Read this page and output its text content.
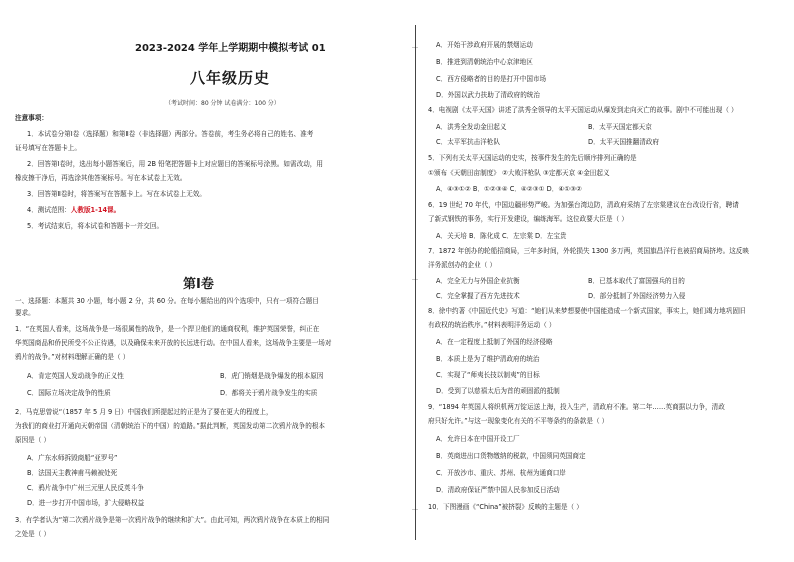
2023-2024 学年上学期期中模拟考试 01
八年级历史
（考试时间：80 分钟 试卷满分：100 分）
注意事项：
1．本试卷分第Ⅰ卷（选择题）和第Ⅱ卷（非选择题）两部分。答卷前，考生务必将自己的姓名、准考
证号填写在答题卡上。
2．回答第Ⅰ卷时，选出每小题答案后，用 2B 铅笔把答题卡上对应题目的答案标号涂黑。如需改动，用
橡皮擦干净后，再选涂其他答案标号。写在本试卷上无效。
3．回答第Ⅱ卷时，将答案写在答题卡上。写在本试卷上无效。
4．测试范围：人教版1-14课。
5．考试结束后，将本试卷和答题卡一并交回。
第Ⅰ卷
一、选择题：本题共 30 小题，每小题 2 分，共 60 分。在每小题给出的四个选项中，只有一项符合题目
要求。
1．“在英国人看来，这场战争是一场很属性的战争，是一个捍卫他们的通商权利，维护英国荣誉，纠正在
华英国商品和侨民所受不公正待遇，以及确保未来开放的长远进行动。在中国人看来，这场战争主要是一场对
鸦片的战争。”对材料理解正确的是（ ）
A．肯定英国人发动战争的正义性	B．虎门销烟是战争爆发的根本原因
C．国际立场决定战争的性质	D．都将关于鸦片战争发生的实质
2．马克思曾说“（1857 年 5 月 9 日）中国我们所提起过的正是为了要在更大的程度上，
为我们的商业打开通向天朝帝国（清朝统治下的中国）的道路。”据此判断，英国发动第二次鸦片战争的根本
原因是（ ）
A．广东水师拆毁商船“亚罗号”
B．法国天主教神甫马赖被处死
C．鸦片战争中广州三元里人民反英斗争
D．进一步打开中国市场，扩大侵略权益
3．有学者认为“第二次鸦片战争是第一次鸦片战争的继续和扩大”。由此可知，两次鸦片战争在本质上的相同
之处是（ ）
…
…
…
A．开始干涉政府开展的禁烟运动
B．推进到清朝统治中心京津地区
C．西方侵略者的目的是打开中国市场
D．外国以武力扶助了清政府的统治
4．电视剧《太平天国》讲述了洪秀全领导的太平天国运动从爆发到走向灭亡的故事。剧中不可能出现（ ）
A．洪秀全发动金田起义	B．太平天国定都天京
C．太平军抗击洋枪队	D．太平天国推翻清政府
5．下列有关太平天国运动的史实，按事件发生的先后顺序排列正确的是
①颁布《天朝田亩制度》 ②大败洋枪队 ③定都天京 ④金田起义
A．④③①② B．①②③④ C．④②③① D．④①③②
6．19 世纪 70 年代，中国边疆形势严峻。为加强台湾边防，清政府采纳了左宗棠建议在台改设行省，聘请
了新式钢铁的事务，实行开发建设，编练海军。这位政要大臣是（ ）
A．关天培 B．陈化成 C．左宗棠 D．左宝贵
7．1872 年创办的轮船招商局，三年多时间，外轮损失 1300 多万两，英国旗昌洋行也被招商局挤垮。这反映
洋务派创办的企业（ ）
A．完全无力与外国企业抗衡	B．已基本取代了富国强兵的目的
C．完全掌握了西方先进技术	D．部分抵制了外国经济势力入侵
8．徐中约著《中国近代史》写道：“她们从来梦想要使中国能造成一个新式国家，事实上，她们竭力地巩固旧
有政权的统治秩序。”材料表明洋务运动（ ）
A．在一定程度上抵制了外国的经济侵略
B．本质上是为了维护清政府的统治
C．实现了“师夷长技以制夷”的目标
D．受到了以慈禧太后为首的顽固派的抵制
9．“1894 年英国人将织机两万锭运送上海，投入生产，清政府不准。第二年……英商据以力争，清政
府只好允许。”与这一现象变化有关的不平等条约的条款是（ ）
A．允许日本在中国开设工厂
B．英商进出口货物缴纳的税款，中国须同英国商定
C．开放沙市、重庆、苏州、杭州为通商口岸
D．清政府保证严禁中国人民参加反日活动
10．下图漫画《“China”被挤裂》反映的主题是（ ）
